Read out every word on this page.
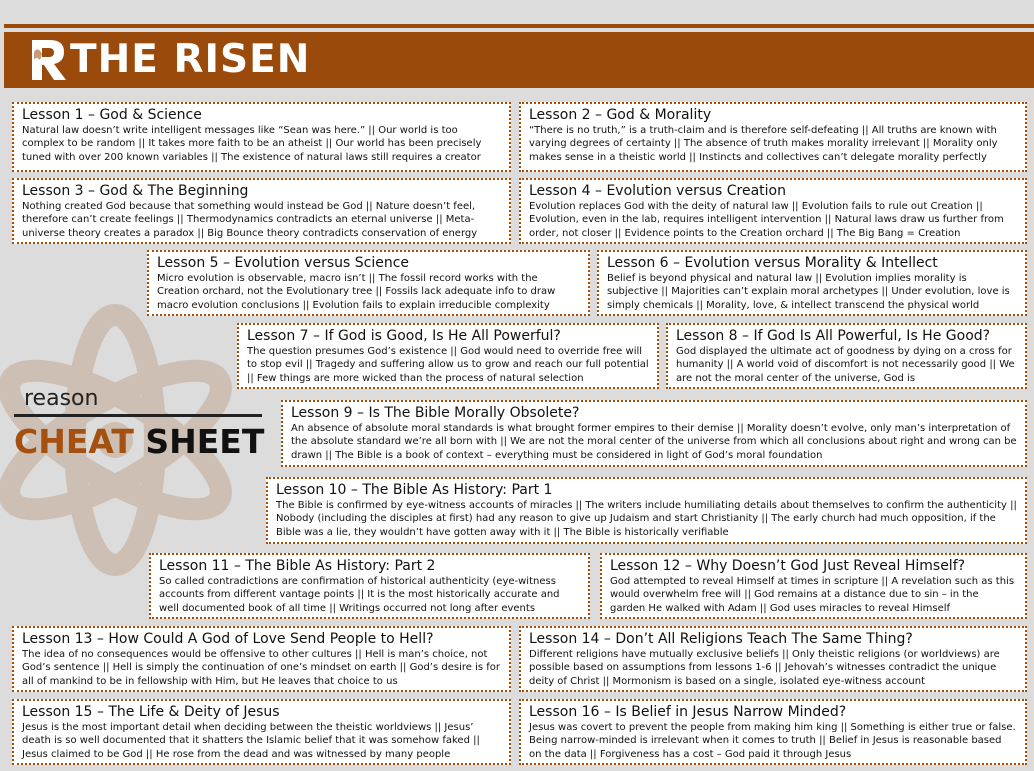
THE RISEN
reason
CHEAT SHEET
Lesson 1 – God & Science
Natural law doesn’t write intelligent messages like “Sean was here.” || Our world is too complex to be random || It takes more faith to be an atheist || Our world has been precisely tuned with over 200 known variables || The existence of natural laws still requires a creator
Lesson 2 – God & Morality
“There is no truth,” is a truth-claim and is therefore self-defeating || All truths are known with varying degrees of certainty || The absence of truth makes morality irrelevant || Morality only makes sense in a theistic world || Instincts and collectives can’t delegate morality perfectly
Lesson 3 – God & The Beginning
Nothing created God because that something would instead be God || Nature doesn’t feel, therefore can’t create feelings || Thermodynamics contradicts an eternal universe || Meta-universe theory creates a paradox || Big Bounce theory contradicts conservation of energy
Lesson 4 – Evolution versus Creation
Evolution replaces God with the deity of natural law || Evolution fails to rule out Creation || Evolution, even in the lab, requires intelligent intervention || Natural laws draw us further from order, not closer || Evidence points to the Creation orchard || The Big Bang = Creation
Lesson 5 – Evolution versus Science
Micro evolution is observable, macro isn’t || The fossil record works with the Creation orchard, not the Evolutionary tree || Fossils lack adequate info to draw macro evolution conclusions || Evolution fails to explain irreducible complexity
Lesson 6 – Evolution versus Morality & Intellect
Belief is beyond physical and natural law || Evolution implies morality is subjective || Majorities can’t explain moral archetypes || Under evolution, love is simply chemicals || Morality, love, & intellect transcend the physical world
Lesson 7 – If God is Good, Is He All Powerful?
The question presumes God’s existence || God would need to override free will to stop evil || Tragedy and suffering allow us to grow and reach our full potential || Few things are more wicked than the process of natural selection
Lesson 8 – If God Is All Powerful, Is He Good?
God displayed the ultimate act of goodness by dying on a cross for humanity || A world void of discomfort is not necessarily good || We are not the moral center of the universe, God is
Lesson 9 – Is The Bible Morally Obsolete?
An absence of absolute moral standards is what brought former empires to their demise || Morality doesn’t evolve, only man’s interpretation of the absolute standard we’re all born with || We are not the moral center of the universe from which all conclusions about right and wrong can be drawn || The Bible is a book of context – everything must be considered in light of God’s moral foundation
Lesson 10 – The Bible As History: Part 1
The Bible is confirmed by eye-witness accounts of miracles || The writers include humiliating details about themselves to confirm the authenticity || Nobody (including the disciples at first) had any reason to give up Judaism and start Christianity || The early church had much opposition, if the Bible was a lie, they wouldn’t have gotten away with it || The Bible is historically verifiable
Lesson 11 – The Bible As History: Part 2
So called contradictions are confirmation of historical authenticity (eye-witness accounts from different vantage points || It is the most historically accurate and well documented book of all time || Writings occurred not long after events
Lesson 12 – Why Doesn’t God Just Reveal Himself?
God attempted to reveal Himself at times in scripture || A revelation such as this would overwhelm free will || God remains at a distance due to sin – in the garden He walked with Adam || God uses miracles to reveal Himself
Lesson 13 – How Could A God of Love Send People to Hell?
The idea of no consequences would be offensive to other cultures || Hell is man’s choice, not God’s sentence || Hell is simply the continuation of one’s mindset on earth || God’s desire is for all of mankind to be in fellowship with Him, but He leaves that choice to us
Lesson 14 – Don’t All Religions Teach The Same Thing?
Different religions have mutually exclusive beliefs || Only theistic religions (or worldviews) are possible based on assumptions from lessons 1-6 || Jehovah’s witnesses contradict the unique deity of Christ || Mormonism is based on a single, isolated eye-witness account
Lesson 15 – The Life & Deity of Jesus
Jesus is the most important detail when deciding between the theistic worldviews || Jesus’ death is so well documented that it shatters the Islamic belief that it was somehow faked || Jesus claimed to be God || He rose from the dead and was witnessed by many people
Lesson 16 – Is Belief in Jesus Narrow Minded?
Jesus was covert to prevent the people from making him king || Something is either true or false. Being narrow-minded is irrelevant when it comes to truth || Belief in Jesus is reasonable based on the data || Forgiveness has a cost – God paid it through Jesus
